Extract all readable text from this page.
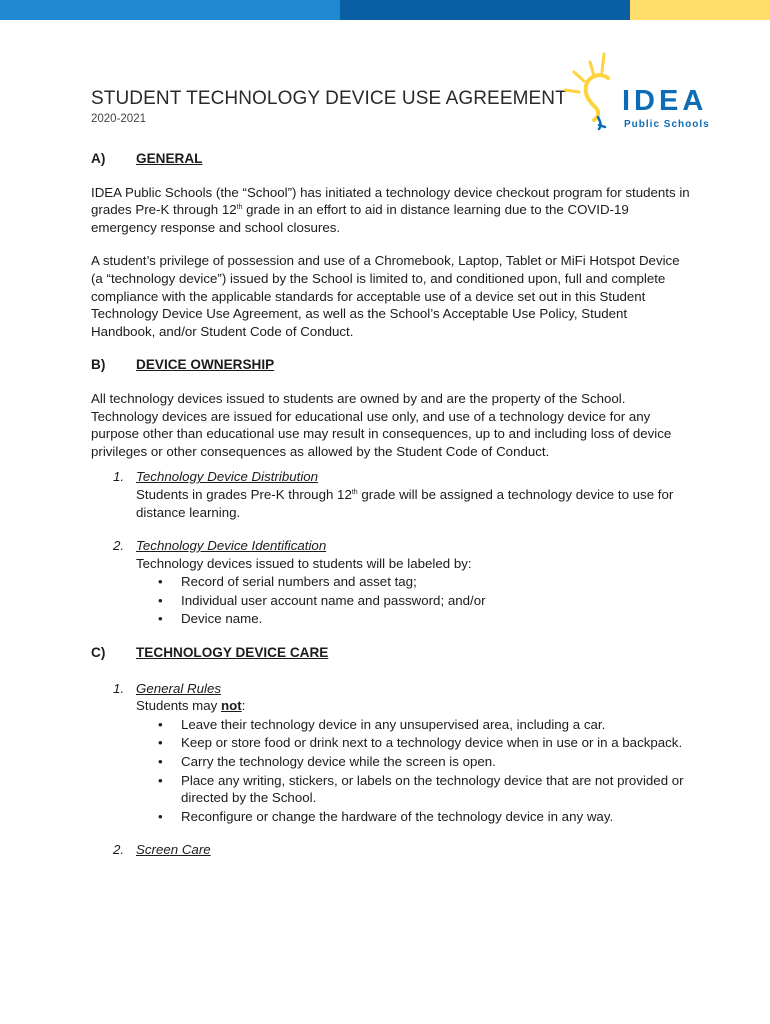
STUDENT TECHNOLOGY DEVICE USE AGREEMENT
2020-2021
IDEA
Public Schools
A)	GENERAL

IDEA Public Schools (the “School”) has initiated a technology device checkout program for students in grades Pre-K through 12th grade in an effort to aid in distance learning due to the COVID-19 emergency response and school closures.

A student’s privilege of possession and use of a Chromebook, Laptop, Tablet or MiFi Hotspot Device (a “technology device”) issued by the School is limited to, and conditioned upon, full and complete compliance with the applicable standards for acceptable use of a device set out in this Student Technology Device Use Agreement, as well as the School’s Acceptable Use Policy, Student Handbook, and/or Student Code of Conduct.

B)	DEVICE OWNERSHIP

All technology devices issued to students are owned by and are the property of the School. Technology devices are issued for educational use only, and use of a technology device for any purpose other than educational use may result in consequences, up to and including loss of device privileges or other consequences as allowed by the Student Code of Conduct.

1. Technology Device Distribution
Students in grades Pre-K through 12th grade will be assigned a technology device to use for distance learning.
2. Technology Device Identification
Technology devices issued to students will be labeled by:
• Record of serial numbers and asset tag;
• Individual user account name and password; and/or
• Device name.
C)	TECHNOLOGY DEVICE CARE
1. General Rules
Students may not:
• Leave their technology device in any unsupervised area, including a car.
• Keep or store food or drink next to a technology device when in use or in a backpack.
• Carry the technology device while the screen is open.
• Place any writing, stickers, or labels on the technology device that are not provided or directed by the School.
• Reconfigure or change the hardware of the technology device in any way.
2. Screen Care
